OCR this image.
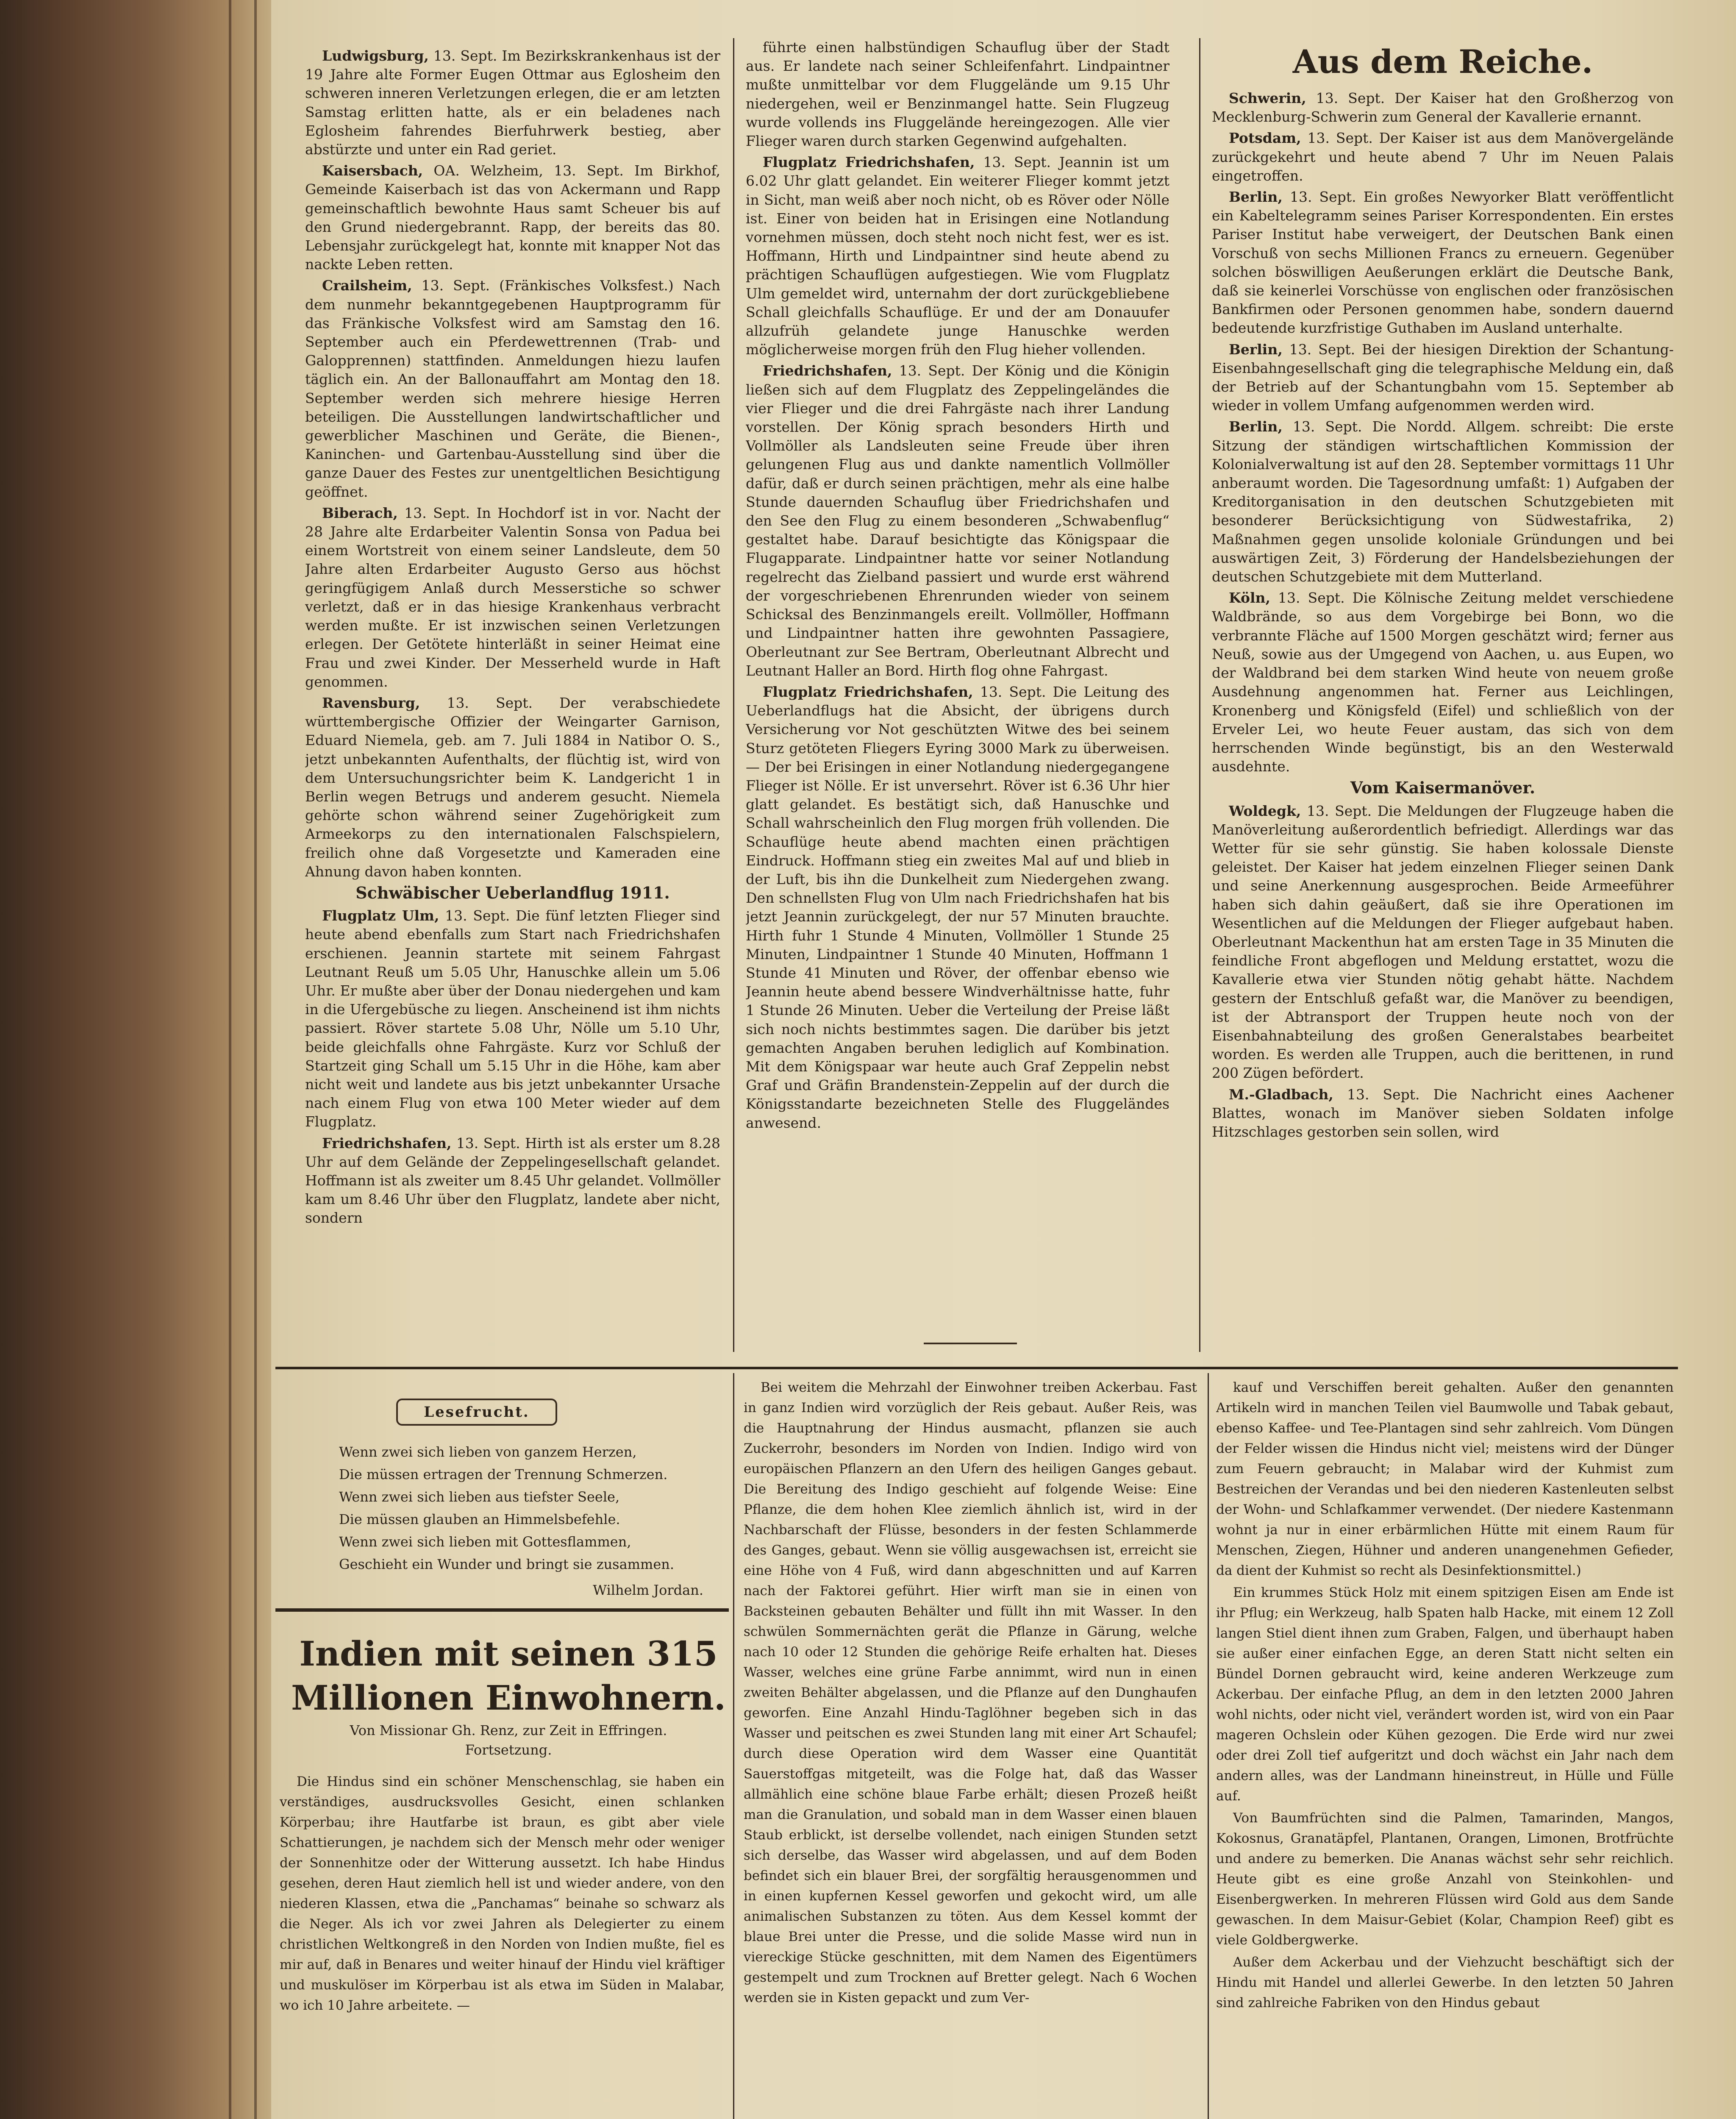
Ludwigsburg, 13. Sept. Im Bezirkskrankenhaus ist der 19 Jahre alte Former Eugen Ottmar aus Eglosheim den schweren inneren Verletzungen erlegen, die er am letzten Samstag erlitten hatte, als er ein beladenes nach Eglosheim fahrendes Bierfuhrwerk bestieg, aber abstürzte und unter ein Rad geriet.

Kaisersbach, OA. Welzheim, 13. Sept. Im Birkhof, Gemeinde Kaiserbach ist das von Ackermann und Rapp gemeinschaftlich bewohnte Haus samt Scheuer bis auf den Grund niedergebrannt. Rapp, der bereits das 80. Lebensjahr zurückgelegt hat, konnte mit knapper Not das nackte Leben retten.

Crailsheim, 13. Sept. (Fränkisches Volksfest.) Nach dem nunmehr bekanntgegebenen Hauptprogramm für das Fränkische Volksfest wird am Samstag den 16. September auch ein Pferdewettrennen (Trab- und Galopprennen) stattfinden. Anmeldungen hiezu laufen täglich ein. An der Ballonauffahrt am Montag den 18. September werden sich mehrere hiesige Herren beteiligen. Die Ausstellungen landwirtschaftlicher und gewerblicher Maschinen und Geräte, die Bienen-, Kaninchen- und Gartenbau-Ausstellung sind über die ganze Dauer des Festes zur unentgeltlichen Besichtigung geöffnet.

Biberach, 13. Sept. In Hochdorf ist in vor. Nacht der 28 Jahre alte Erdarbeiter Valentin Sonsa von Padua bei einem Wortstreit von einem seiner Landsleute, dem 50 Jahre alten Erdarbeiter Augusto Gerso aus höchst geringfügigem Anlaß durch Messerstiche so schwer verletzt, daß er in das hiesige Krankenhaus verbracht werden mußte. Er ist inzwischen seinen Verletzungen erlegen. Der Getötete hinterläßt in seiner Heimat eine Frau und zwei Kinder. Der Messerheld wurde in Haft genommen.

Ravensburg, 13. Sept. Der verabschiedete württembergische Offizier der Weingarter Garnison, Eduard Niemela, geb. am 7. Juli 1884 in Natibor O. S., jetzt unbekannten Aufenthalts, der flüchtig ist, wird von dem Untersuchungsrichter beim K. Landgericht 1 in Berlin wegen Betrugs und anderem gesucht. Niemela gehörte schon während seiner Zugehörigkeit zum Armeekorps zu den internationalen Falschspielern, freilich ohne daß Vorgesetzte und Kameraden eine Ahnung davon haben konnten.

Schwäbischer Ueberlandflug 1911.

Flugplatz Ulm, 13. Sept. Die fünf letzten Flieger sind heute abend ebenfalls zum Start nach Friedrichshafen erschienen. Jeannin startete mit seinem Fahrgast Leutnant Reuß um 5.05 Uhr, Hanuschke allein um 5.06 Uhr. Er mußte aber über der Donau niedergehen und kam in die Ufergebüsche zu liegen. Anscheinend ist ihm nichts passiert. Röver startete 5.08 Uhr, Nölle um 5.10 Uhr, beide gleichfalls ohne Fahrgäste. Kurz vor Schluß der Startzeit ging Schall um 5.15 Uhr in die Höhe, kam aber nicht weit und landete aus bis jetzt unbekannter Ursache nach einem Flug von etwa 100 Meter wieder auf dem Flugplatz.

Friedrichshafen, 13. Sept. Hirth ist als erster um 8.28 Uhr auf dem Gelände der Zeppelingesellschaft gelandet. Hoffmann ist als zweiter um 8.45 Uhr gelandet. Vollmöller kam um 8.46 Uhr über den Flugplatz, landete aber nicht, sondern

führte einen halbstündigen Schauflug über der Stadt aus. Er landete nach seiner Schleifenfahrt. Lindpaintner mußte unmittelbar vor dem Fluggelände um 9.15 Uhr niedergehen, weil er Benzinmangel hatte. Sein Flugzeug wurde vollends ins Fluggelände hereingezogen. Alle vier Flieger waren durch starken Gegenwind aufgehalten.

Flugplatz Friedrichshafen, 13. Sept. Jeannin ist um 6.02 Uhr glatt gelandet. Ein weiterer Flieger kommt jetzt in Sicht, man weiß aber noch nicht, ob es Röver oder Nölle ist. Einer von beiden hat in Erisingen eine Notlandung vornehmen müssen, doch steht noch nicht fest, wer es ist. Hoffmann, Hirth und Lindpaintner sind heute abend zu prächtigen Schauflügen aufgestiegen. Wie vom Flugplatz Ulm gemeldet wird, unternahm der dort zurückgebliebene Schall gleichfalls Schauflüge. Er und der am Donauufer allzufrüh gelandete junge Hanuschke werden möglicherweise morgen früh den Flug hieher vollenden.

Friedrichshafen, 13. Sept. Der König und die Königin ließen sich auf dem Flugplatz des Zeppelingeländes die vier Flieger und die drei Fahrgäste nach ihrer Landung vorstellen. Der König sprach besonders Hirth und Vollmöller als Landsleuten seine Freude über ihren gelungenen Flug aus und dankte namentlich Vollmöller dafür, daß er durch seinen prächtigen, mehr als eine halbe Stunde dauernden Schauflug über Friedrichshafen und den See den Flug zu einem besonderen „Schwabenflug“ gestaltet habe. Darauf besichtigte das Königspaar die Flugapparate. Lindpaintner hatte vor seiner Notlandung regelrecht das Zielband passiert und wurde erst während der vorgeschriebenen Ehrenrunden wieder von seinem Schicksal des Benzinmangels ereilt. Vollmöller, Hoffmann und Lindpaintner hatten ihre gewohnten Passagiere, Oberleutnant zur See Bertram, Oberleutnant Albrecht und Leutnant Haller an Bord. Hirth flog ohne Fahrgast.

Flugplatz Friedrichshafen, 13. Sept. Die Leitung des Ueberlandflugs hat die Absicht, der übrigens durch Versicherung vor Not geschützten Witwe des bei seinem Sturz getöteten Fliegers Eyring 3000 Mark zu überweisen. — Der bei Erisingen in einer Notlandung niedergegangene Flieger ist Nölle. Er ist unversehrt. Röver ist 6.36 Uhr hier glatt gelandet. Es bestätigt sich, daß Hanuschke und Schall wahrscheinlich den Flug morgen früh vollenden. Die Schauflüge heute abend machten einen prächtigen Eindruck. Hoffmann stieg ein zweites Mal auf und blieb in der Luft, bis ihn die Dunkelheit zum Niedergehen zwang. Den schnellsten Flug von Ulm nach Friedrichshafen hat bis jetzt Jeannin zurückgelegt, der nur 57 Minuten brauchte. Hirth fuhr 1 Stunde 4 Minuten, Vollmöller 1 Stunde 25 Minuten, Lindpaintner 1 Stunde 40 Minuten, Hoffmann 1 Stunde 41 Minuten und Röver, der offenbar ebenso wie Jeannin heute abend bessere Windverhältnisse hatte, fuhr 1 Stunde 26 Minuten. Ueber die Verteilung der Preise läßt sich noch nichts bestimmtes sagen. Die darüber bis jetzt gemachten Angaben beruhen lediglich auf Kombination. Mit dem Königspaar war heute auch Graf Zeppelin nebst Graf und Gräfin Brandenstein-Zeppelin auf der durch die Königsstandarte bezeichneten Stelle des Fluggeländes anwesend.

Aus dem Reiche.

Schwerin, 13. Sept. Der Kaiser hat den Großherzog von Mecklenburg-Schwerin zum General der Kavallerie ernannt.

Potsdam, 13. Sept. Der Kaiser ist aus dem Manövergelände zurückgekehrt und heute abend 7 Uhr im Neuen Palais eingetroffen.

Berlin, 13. Sept. Ein großes Newyorker Blatt veröffentlicht ein Kabeltelegramm seines Pariser Korrespondenten. Ein erstes Pariser Institut habe verweigert, der Deutschen Bank einen Vorschuß von sechs Millionen Francs zu erneuern. Gegenüber solchen böswilligen Aeußerungen erklärt die Deutsche Bank, daß sie keinerlei Vorschüsse von englischen oder französischen Bankfirmen oder Personen genommen habe, sondern dauernd bedeutende kurzfristige Guthaben im Ausland unterhalte.

Berlin, 13. Sept. Bei der hiesigen Direktion der Schantung-Eisenbahngesellschaft ging die telegraphische Meldung ein, daß der Betrieb auf der Schantungbahn vom 15. September ab wieder in vollem Umfang aufgenommen werden wird.

Berlin, 13. Sept. Die Nordd. Allgem. schreibt: Die erste Sitzung der ständigen wirtschaftlichen Kommission der Kolonialverwaltung ist auf den 28. September vormittags 11 Uhr anberaumt worden. Die Tagesordnung umfaßt: 1) Aufgaben der Kreditorganisation in den deutschen Schutzgebieten mit besonderer Berücksichtigung von Südwestafrika, 2) Maßnahmen gegen unsolide koloniale Gründungen und bei auswärtigen Zeit, 3) Förderung der Handelsbeziehungen der deutschen Schutzgebiete mit dem Mutterland.

Köln, 13. Sept. Die Kölnische Zeitung meldet verschiedene Waldbrände, so aus dem Vorgebirge bei Bonn, wo die verbrannte Fläche auf 1500 Morgen geschätzt wird; ferner aus Neuß, sowie aus der Umgegend von Aachen, u. aus Eupen, wo der Waldbrand bei dem starken Wind heute von neuem große Ausdehnung angenommen hat. Ferner aus Leichlingen, Kronenberg und Königsfeld (Eifel) und schließlich von der Erveler Lei, wo heute Feuer austam, das sich von dem herrschenden Winde begünstigt, bis an den Westerwald ausdehnte.

Vom Kaisermanöver.

Woldegk, 13. Sept. Die Meldungen der Flugzeuge haben die Manöverleitung außerordentlich befriedigt. Allerdings war das Wetter für sie sehr günstig. Sie haben kolossale Dienste geleistet. Der Kaiser hat jedem einzelnen Flieger seinen Dank und seine Anerkennung ausgesprochen. Beide Armeeführer haben sich dahin geäußert, daß sie ihre Operationen im Wesentlichen auf die Meldungen der Flieger aufgebaut haben. Oberleutnant Mackenthun hat am ersten Tage in 35 Minuten die feindliche Front abgeflogen und Meldung erstattet, wozu die Kavallerie etwa vier Stunden nötig gehabt hätte. Nachdem gestern der Entschluß gefaßt war, die Manöver zu beendigen, ist der Abtransport der Truppen heute noch von der Eisenbahnabteilung des großen Generalstabes bearbeitet worden. Es werden alle Truppen, auch die berittenen, in rund 200 Zügen befördert.

M.-Gladbach, 13. Sept. Die Nachricht eines Aachener Blattes, wonach im Manöver sieben Soldaten infolge Hitzschlages gestorben sein sollen, wird

Lesefrucht.
Wenn zwei sich lieben von ganzem Herzen,
Die müssen ertragen der Trennung Schmerzen.
Wenn zwei sich lieben aus tiefster Seele,
Die müssen glauben an Himmelsbefehle.
Wenn zwei sich lieben mit Gottesflammen,
Geschieht ein Wunder und bringt sie zusammen.
Wilhelm Jordan.
Indien mit seinen 315 Millionen Einwohnern.
Von Missionar Gh. Renz, zur Zeit in Effringen.
Fortsetzung.

Die Hindus sind ein schöner Menschenschlag, sie haben ein verständiges, ausdrucksvolles Gesicht, einen schlanken Körperbau; ihre Hautfarbe ist braun, es gibt aber viele Schattierungen, je nachdem sich der Mensch mehr oder weniger der Sonnenhitze oder der Witterung aussetzt. Ich habe Hindus gesehen, deren Haut ziemlich hell ist und wieder andere, von den niederen Klassen, etwa die „Panchamas“ beinahe so schwarz als die Neger. Als ich vor zwei Jahren als Delegierter zu einem christlichen Weltkongreß in den Norden von Indien mußte, fiel es mir auf, daß in Benares und weiter hinauf der Hindu viel kräftiger und muskulöser im Körperbau ist als etwa im Süden in Malabar, wo ich 10 Jahre arbeitete. —

Bei weitem die Mehrzahl der Einwohner treiben Ackerbau. Fast in ganz Indien wird vorzüglich der Reis gebaut. Außer Reis, was die Hauptnahrung der Hindus ausmacht, pflanzen sie auch Zuckerrohr, besonders im Norden von Indien. Indigo wird von europäischen Pflanzern an den Ufern des heiligen Ganges gebaut. Die Bereitung des Indigo geschieht auf folgende Weise: Eine Pflanze, die dem hohen Klee ziemlich ähnlich ist, wird in der Nachbarschaft der Flüsse, besonders in der festen Schlammerde des Ganges, gebaut. Wenn sie völlig ausgewachsen ist, erreicht sie eine Höhe von 4 Fuß, wird dann abgeschnitten und auf Karren nach der Faktorei geführt. Hier wirft man sie in einen von Backsteinen gebauten Behälter und füllt ihn mit Wasser. In den schwülen Sommernächten gerät die Pflanze in Gärung, welche nach 10 oder 12 Stunden die gehörige Reife erhalten hat. Dieses Wasser, welches eine grüne Farbe annimmt, wird nun in einen zweiten Behälter abgelassen, und die Pflanze auf den Dunghaufen geworfen. Eine Anzahl Hindu-Taglöhner begeben sich in das Wasser und peitschen es zwei Stunden lang mit einer Art Schaufel; durch diese Operation wird dem Wasser eine Quantität Sauerstoffgas mitgeteilt, was die Folge hat, daß das Wasser allmählich eine schöne blaue Farbe erhält; diesen Prozeß heißt man die Granulation, und sobald man in dem Wasser einen blauen Staub erblickt, ist derselbe vollendet, nach einigen Stunden setzt sich derselbe, das Wasser wird abgelassen, und auf dem Boden befindet sich ein blauer Brei, der sorgfältig herausgenommen und in einen kupfernen Kessel geworfen und gekocht wird, um alle animalischen Substanzen zu töten. Aus dem Kessel kommt der blaue Brei unter die Presse, und die solide Masse wird nun in viereckige Stücke geschnitten, mit dem Namen des Eigentümers gestempelt und zum Trocknen auf Bretter gelegt. Nach 6 Wochen werden sie in Kisten gepackt und zum Ver-

kauf und Verschiffen bereit gehalten. Außer den genannten Artikeln wird in manchen Teilen viel Baumwolle und Tabak gebaut, ebenso Kaffee- und Tee-Plantagen sind sehr zahlreich. Vom Düngen der Felder wissen die Hindus nicht viel; meistens wird der Dünger zum Feuern gebraucht; in Malabar wird der Kuhmist zum Bestreichen der Verandas und bei den niederen Kastenleuten selbst der Wohn- und Schlafkammer verwendet. (Der niedere Kastenmann wohnt ja nur in einer erbärmlichen Hütte mit einem Raum für Menschen, Ziegen, Hühner und anderen unangenehmen Gefieder, da dient der Kuhmist so recht als Desinfektionsmittel.)

Ein krummes Stück Holz mit einem spitzigen Eisen am Ende ist ihr Pflug; ein Werkzeug, halb Spaten halb Hacke, mit einem 12 Zoll langen Stiel dient ihnen zum Graben, Falgen, und überhaupt haben sie außer einer einfachen Egge, an deren Statt nicht selten ein Bündel Dornen gebraucht wird, keine anderen Werkzeuge zum Ackerbau. Der einfache Pflug, an dem in den letzten 2000 Jahren wohl nichts, oder nicht viel, verändert worden ist, wird von ein Paar mageren Ochslein oder Kühen gezogen. Die Erde wird nur zwei oder drei Zoll tief aufgeritzt und doch wächst ein Jahr nach dem andern alles, was der Landmann hineinstreut, in Hülle und Fülle auf.

Von Baumfrüchten sind die Palmen, Tamarinden, Mangos, Kokosnus, Granatäpfel, Plantanen, Orangen, Limonen, Brotfrüchte und andere zu bemerken. Die Ananas wächst sehr sehr reichlich. Heute gibt es eine große Anzahl von Steinkohlen- und Eisenbergwerken. In mehreren Flüssen wird Gold aus dem Sande gewaschen. In dem Maisur-Gebiet (Kolar, Champion Reef) gibt es viele Goldbergwerke.

Außer dem Ackerbau und der Viehzucht beschäftigt sich der Hindu mit Handel und allerlei Gewerbe. In den letzten 50 Jahren sind zahlreiche Fabriken von den Hindus gebaut
